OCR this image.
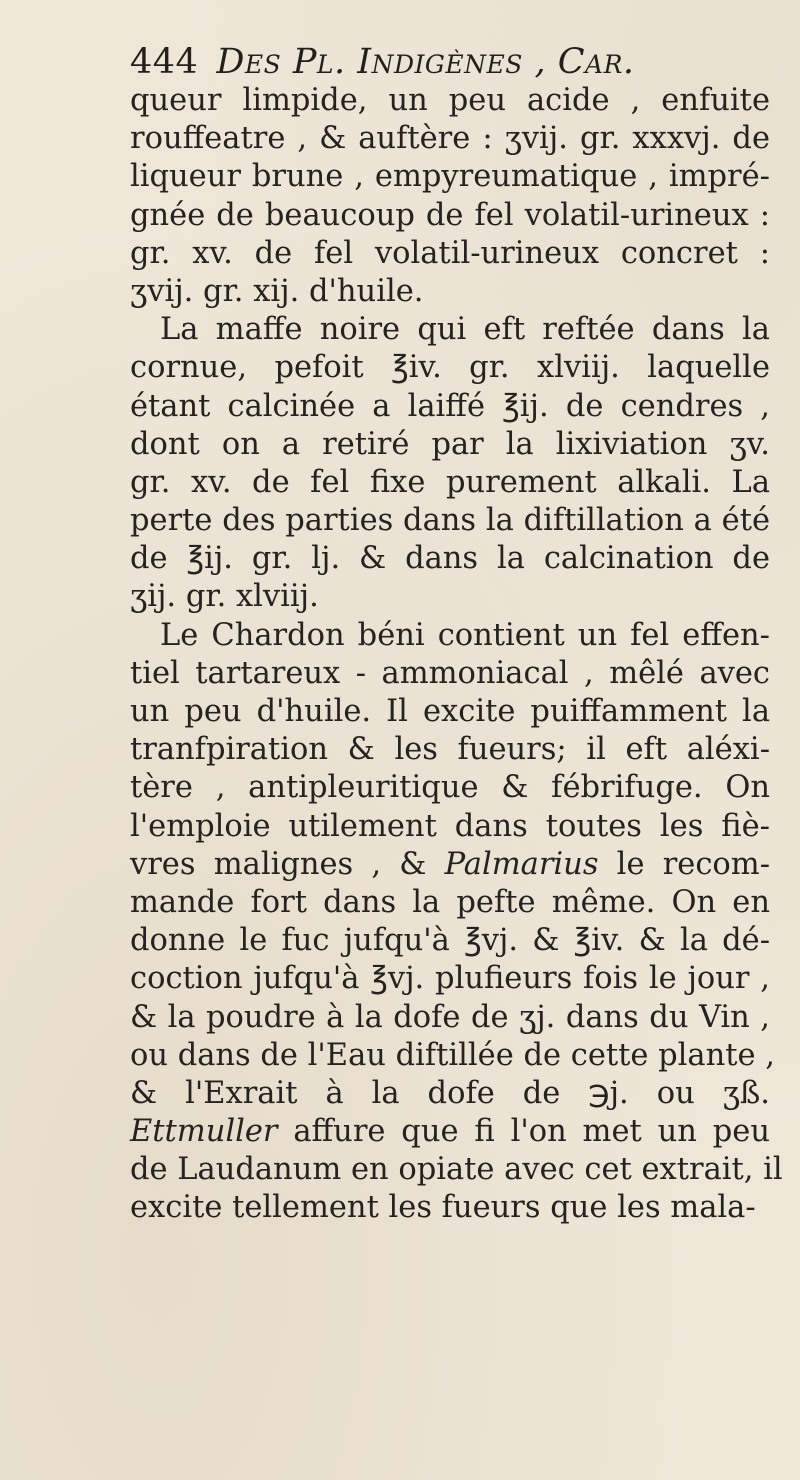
444 Des Pl. Indigènes , Car.
queur limpide, un peu acide , enfuite
rouffeatre , & auftère : ʒvij. gr. xxxvj. de
liqueur brune , empyreumatique , impré-
gnée de beaucoup de fel volatil-urineux :
gr. xv. de fel volatil-urineux concret :
ʒvij. gr. xij. d'huile.
La maffe noire qui eft reftée dans la
cornue, pefoit ℥iv. gr. xlviij. laquelle
étant calcinée a laiffé ℥ij. de cendres ,
dont on a retiré par la lixiviation ʒv.
gr. xv. de fel fixe purement alkali. La
perte des parties dans la diftillation a été
de ℥ij. gr. lj. & dans la calcination de
ʒij. gr. xlviij.
Le Chardon béni contient un fel effen-
tiel tartareux - ammoniacal , mêlé avec
un peu d'huile. Il excite puiffamment la
tranfpiration & les fueurs; il eft aléxi-
tère , antipleuritique & fébrifuge. On
l'emploie utilement dans toutes les fiè-
vres malignes , & Palmarius le recom-
mande fort dans la pefte même. On en
donne le fuc jufqu'à ℥vj. & ℥iv. & la dé-
coction jufqu'à ℥vj. plufieurs fois le jour ,
& la poudre à la dofe de ʒj. dans du Vin ,
ou dans de l'Eau diftillée de cette plante ,
& l'Exrait à la dofe de ℈j. ou ʒß.
Ettmuller affure que fi l'on met un peu
de Laudanum en opiate avec cet extrait, il
excite tellement les fueurs que les mala-
